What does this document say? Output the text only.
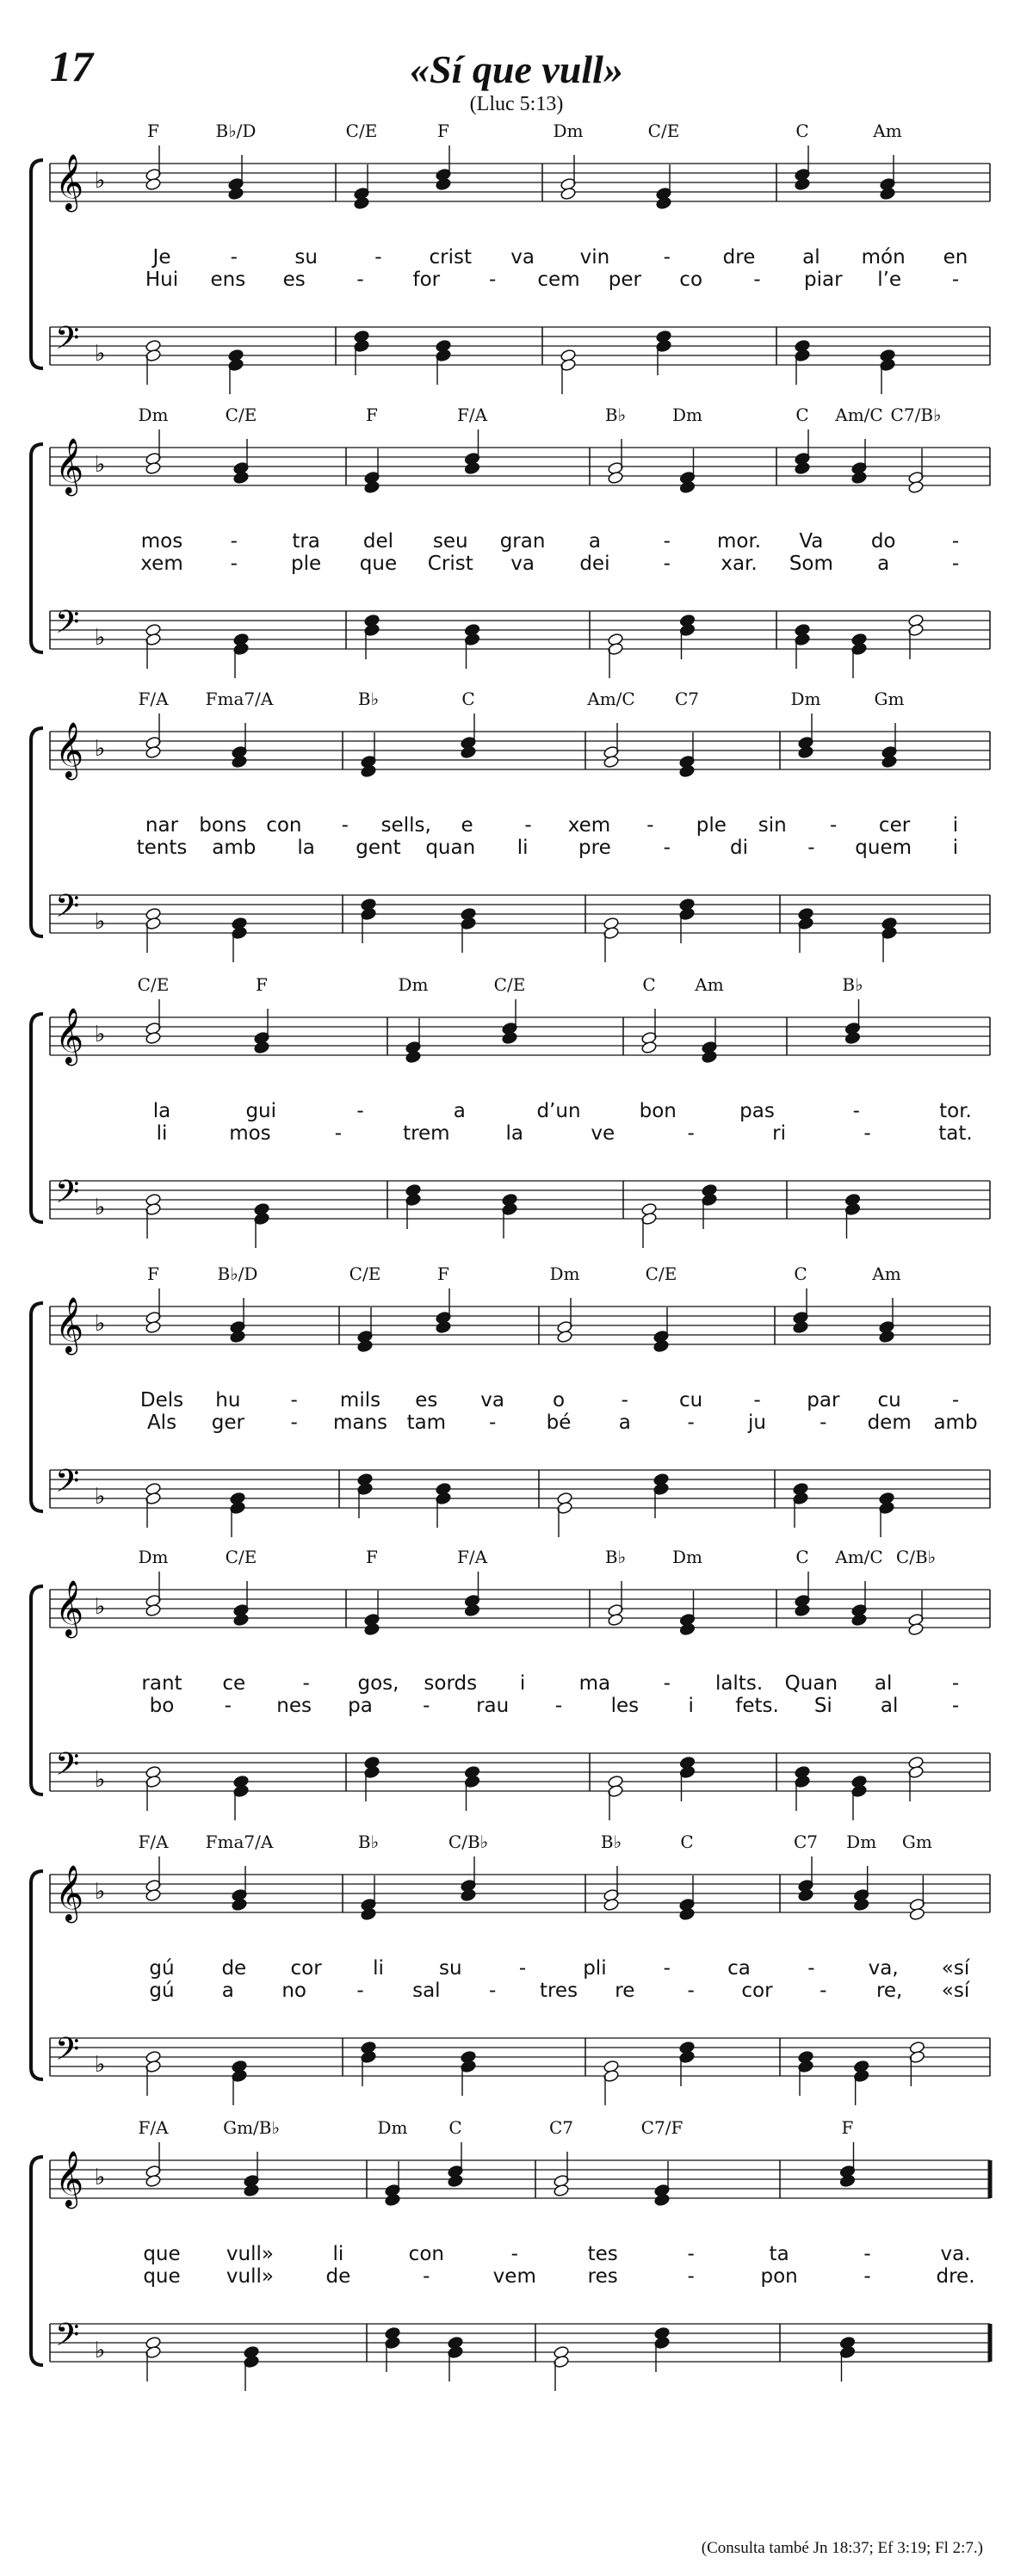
17	«Sí que vull»
(Lluc 5:13)
𝄞
𝄢
♭
♭
F	B♭/D	C/E	F	Dm	C/E	C	Am
Je	-	su	- crist va vin	-	dre al món en
Hui ens es	- for - cem per co	- piar l’e	-
𝄞
𝄢
♭
♭
Dm	C/E	F	F/A	B♭	Dm	C Am/C C7/B♭
mos -	tra del seu gran a	- mor. Va do	-
xem -	ple que Crist va dei	-	xar. Som a	-
𝄞
𝄢
♭
♭
F/A Fma7/A	B♭	C	Am/C C7	Dm	Gm
nar bons con - sells, e	- xem - ple sin - cer i
tents amb la gent quan li	pre	-	di	- quem i
𝄞
𝄢
♭
♭
C/E	F	Dm	C/E	C Am	B♭
la	gui	-	a	d’un	bon	pas	-	tor.
li	mos	-	trem	la	ve	-	ri	-	tat.
𝄞
𝄢
♭
♭
F	B♭/D	C/E	F	Dm	C/E	C	Am
Dels hu	- mils es va o	-	cu	- par cu	-
Als ger - mans tam -	bé a	-	ju	- dem amb
𝄞
𝄢
♭
♭
Dm	C/E	F	F/A	B♭	Dm	C Am/C C/B♭
rant ce	- gos, sords i	ma	- lalts. Quan al	-
bo	- nes pa	- rau - les i fets. Si al	-
𝄞
𝄢
♭
♭
F/A Fma7/A	B♭	C/B♭	B♭	C	C7 Dm Gm
gú de cor	li	su	-	pli	-	ca	-	va, «sí
gú a no	- sal - tres re	- cor - re, «sí
𝄞
𝄢
♭
♭
F/A	Gm/B♭	Dm C	C7	C7/F	F
que vull»	li	con	-	tes	-	ta	-	va.
que vull»	de	-	vem	res	-	pon	-	dre.
(Consulta també Jn 18:37; Ef 3:19; Fl 2:7.)
